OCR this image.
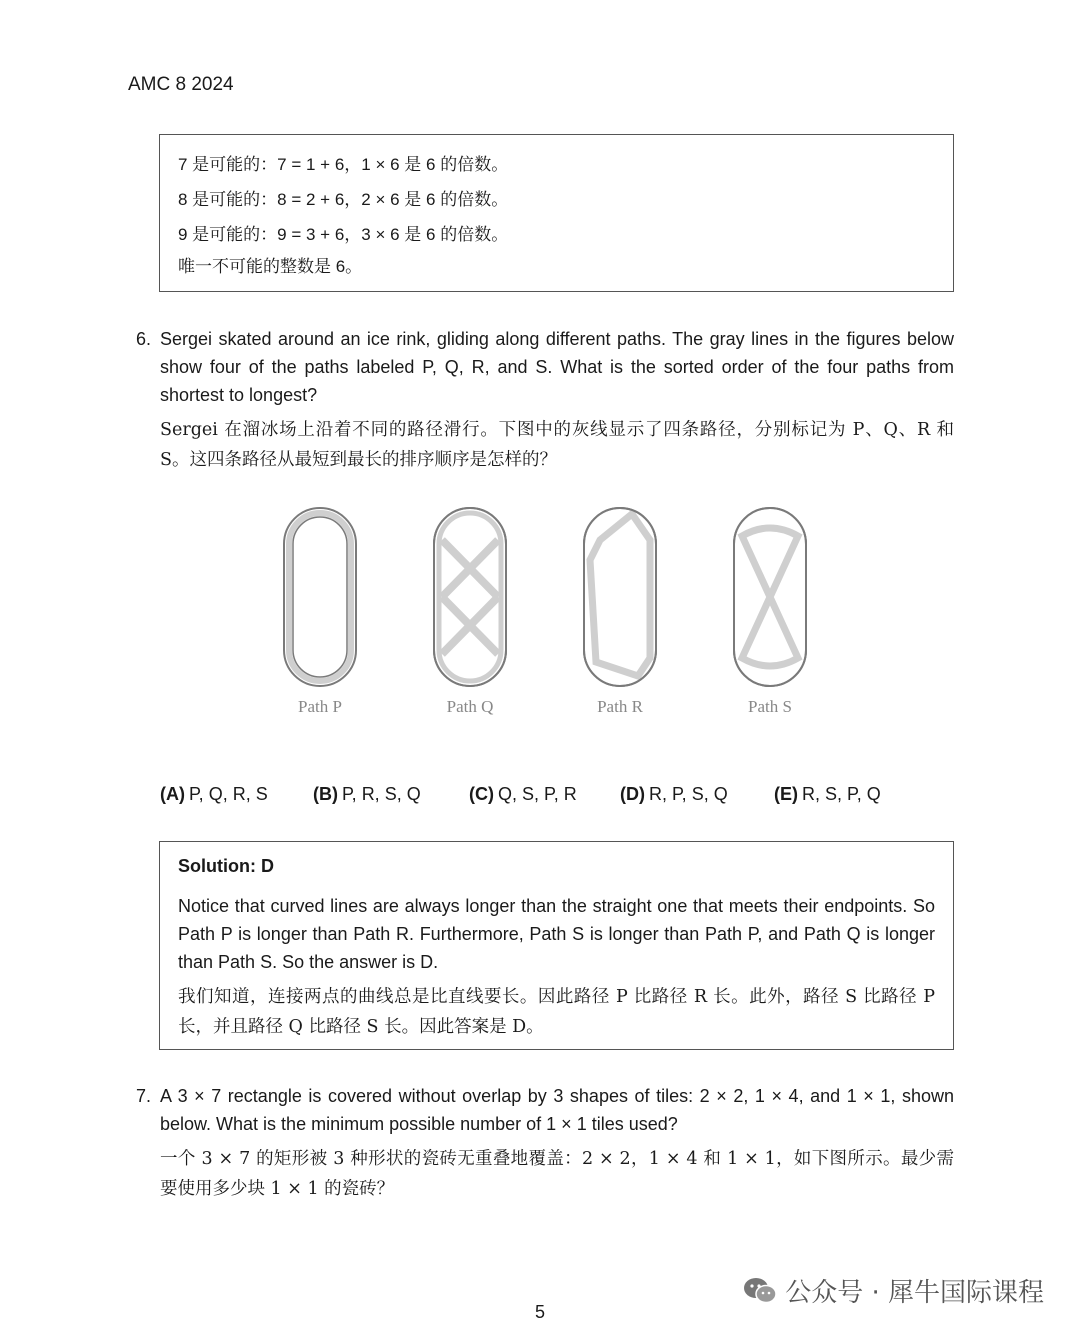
AMC 8 2024
7 是可能的：7 = 1 + 6，1 × 6 是 6 的倍数。
8 是可能的：8 = 2 + 6，2 × 6 是 6 的倍数。
9 是可能的：9 = 3 + 6，3 × 6 是 6 的倍数。
唯一不可能的整数是 6。
6. Sergei skated around an ice rink, gliding along different paths. The gray lines in the figures below show four of the paths labeled P, Q, R, and S. What is the sorted order of the four paths from shortest to longest?
Sergei 在溜冰场上沿着不同的路径滑行。下图中的灰线显示了四条路径，分别标记为 P、Q、R 和 S。这四条路径从最短到最长的排序顺序是怎样的？
Path P	Path Q	Path R	Path S
(A) P, Q, R, S	(B) P, R, S, Q	(C) Q, S, P, R (D) R, P, S, Q	(E) R, S, P, Q
Solution: D
Notice that curved lines are always longer than the straight one that meets their endpoints. So Path P is longer than Path R. Furthermore, Path S is longer than Path P, and Path Q is longer than Path S. So the answer is D.
我们知道，连接两点的曲线总是比直线要长。因此路径 P 比路径 R 长。此外，路径 S 比路径 P 长，并且路径 Q 比路径 S 长。因此答案是 D。
7. A 3 × 7 rectangle is covered without overlap by 3 shapes of tiles: 2 × 2, 1 × 4, and 1 × 1, shown below. What is the minimum possible number of 1 × 1 tiles used?
一个 3 × 7 的矩形被 3 种形状的瓷砖无重叠地覆盖：2 × 2，1 × 4 和 1 × 1，如下图所示。最少需要使用多少块 1 × 1 的瓷砖？
公众号 · 犀牛国际课程
5
